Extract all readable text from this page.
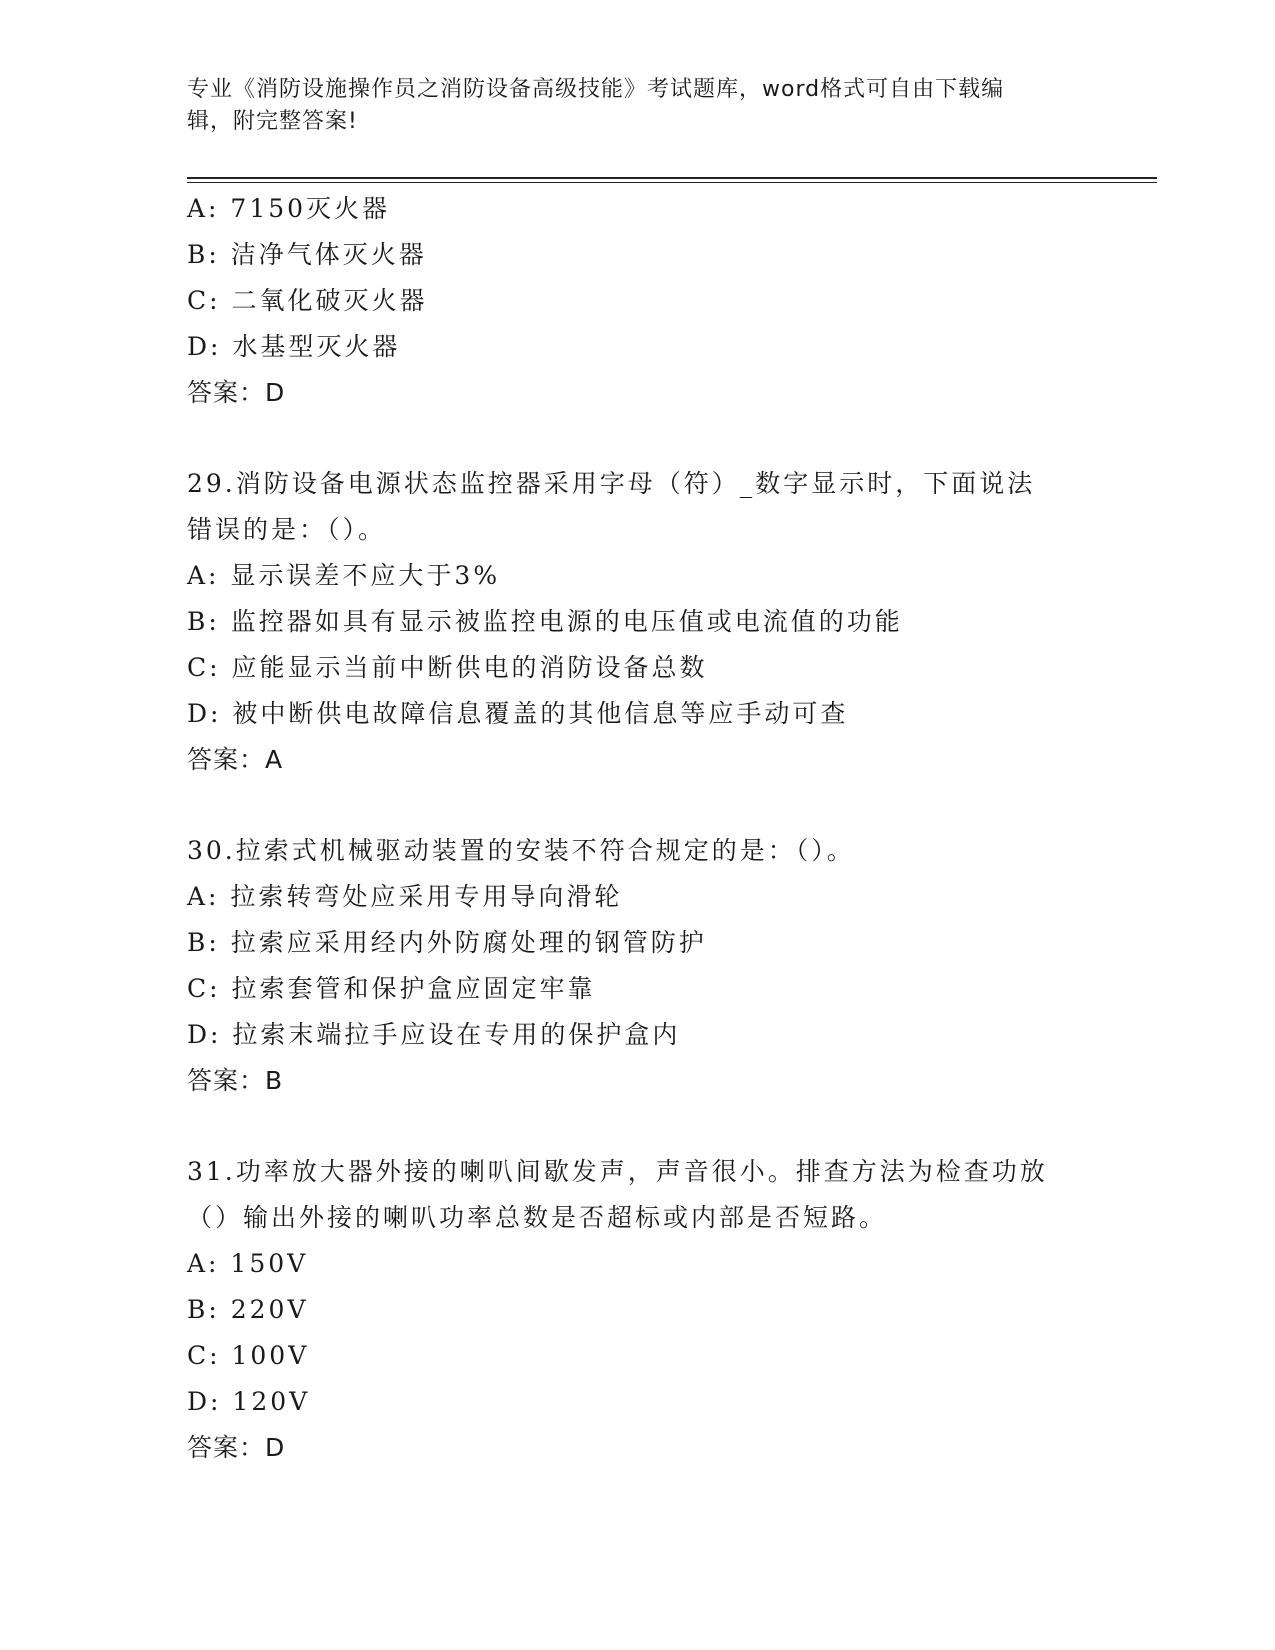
专业《消防设施操作员之消防设备高级技能》考试题库，word格式可自由下载编
辑，附完整答案!
A: 7150灭火器
B: 洁净气体灭火器
C: 二氧化破灭火器
D: 水基型灭火器
答案：D
29.消防设备电源状态监控器采用字母（符）_数字显示时，下面说法
错误的是：（）。
A: 显示误差不应大于3%
B: 监控器如具有显示被监控电源的电压值或电流值的功能
C: 应能显示当前中断供电的消防设备总数
D: 被中断供电故障信息覆盖的其他信息等应手动可查
答案：A
30.拉索式机械驱动装置的安装不符合规定的是：（）。
A: 拉索转弯处应采用专用导向滑轮
B: 拉索应采用经内外防腐处理的钢管防护
C: 拉索套管和保护盒应固定牢靠
D: 拉索末端拉手应设在专用的保护盒内
答案：B
31.功率放大器外接的喇叭间歇发声，声音很小。排查方法为检查功放
（）输出外接的喇叭功率总数是否超标或内部是否短路。
A: 150V
B: 220V
C: 100V
D: 120V
答案：D
